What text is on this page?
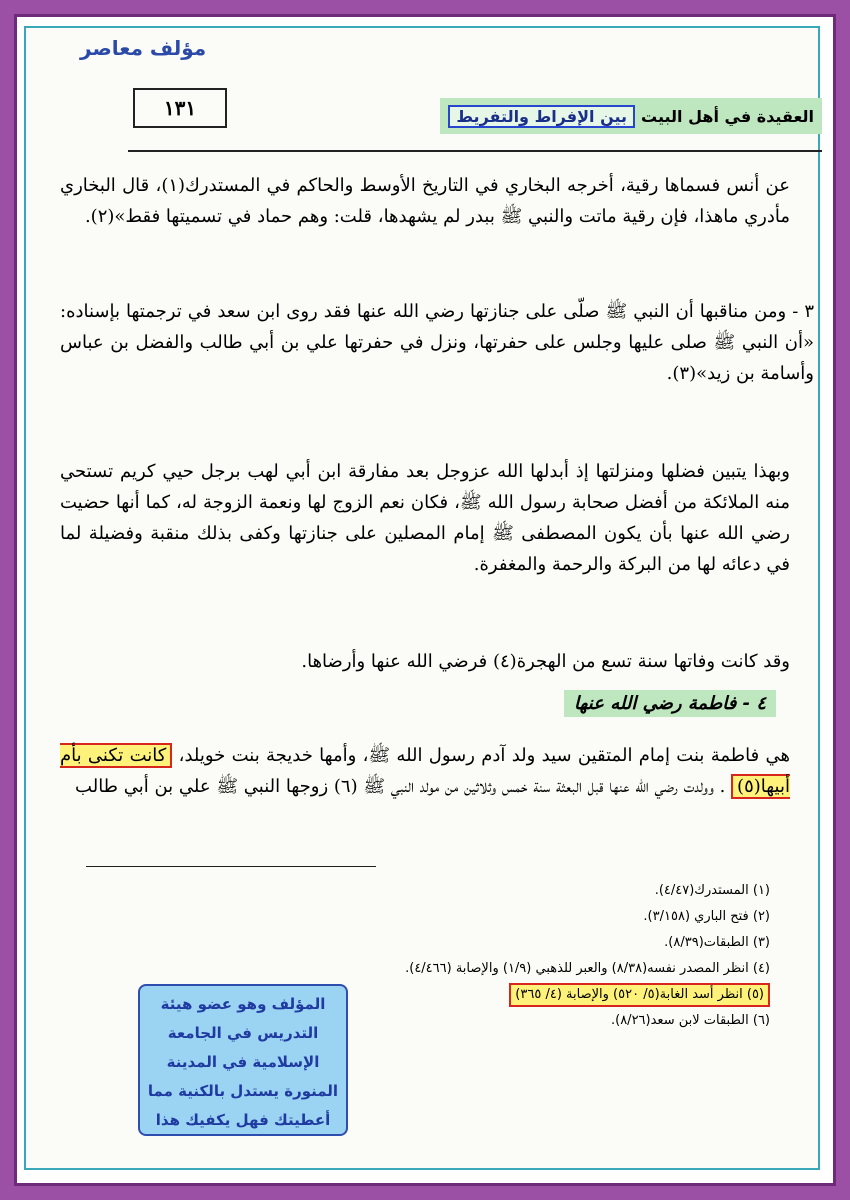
مؤلف معاصر
١٣١	العقيدة في أهل البيت
بين الإفراط والتفريط
عن أنس فسماها رقية، أخرجه البخاري في التاريخ الأوسط والحاكم في المستدرك(١)، قال البخاري مأدري ماهذا، فإن رقية ماتت والنبي ﷺ ببدر لم يشهدها، قلت: وهم حماد في تسميتها فقط»(٢).
٣ - ومن مناقبها أن النبي ﷺ صلّى على جنازتها رضي الله عنها فقد روى ابن سعد في ترجمتها بإسناده: «أن النبي ﷺ صلى عليها وجلس على حفرتها، ونزل في حفرتها علي بن أبي طالب والفضل بن عباس وأسامة بن زيد»(٣).
وبهذا يتبين فضلها ومنزلتها إذ أبدلها الله عزوجل بعد مفارقة ابن أبي لهب برجل حيي كريم تستحي منه الملائكة من أفضل صحابة رسول الله ﷺ، فكان نعم الزوج لها ونعمة الزوجة له، كما أنها حضيت رضي الله عنها بأن يكون المصطفى ﷺ إمام المصلين على جنازتها وكفى بذلك منقبة وفضيلة لما في دعائه لها من البركة والرحمة والمغفرة.
وقد كانت وفاتها سنة تسع من الهجرة(٤) فرضي الله عنها وأرضاها.
٤ - فاطمة رضي الله عنها
هي فاطمة بنت إمام المتقين سيد ولد آدم رسول الله ﷺ، وأمها خديجة بنت خويلد، كانت تكنى بأم أبيها(٥) . وولدت رضي الله عنها قبل البعثة سنة خمس وثلاثين من مولد النبي ﷺ (٦) زوجها النبي ﷺ علي بن أبي طالب
(١) المستدرك(٤/٤٧).
(٢) فتح الباري (٣/١٥٨).
(٣) الطبقات(٨/٣٩).
(٤) انظر المصدر نفسه(٨/٣٨) والعبر للذهبي (١/٩) والإصابة (٤/٤٦٦).
(٥) انظر أسد الغابة(٥/ ٥٢٠) والإصابة (٤/ ٣٦٥)
(٦) الطبقات لابن سعد(٨/٢٦).
المؤلف وهو عضو هيئة
التدريس في الجامعة
الإسلامية في المدينة
المنورة يستدل بالكنية مما
أعطيتك فهل يكفيك هذا
